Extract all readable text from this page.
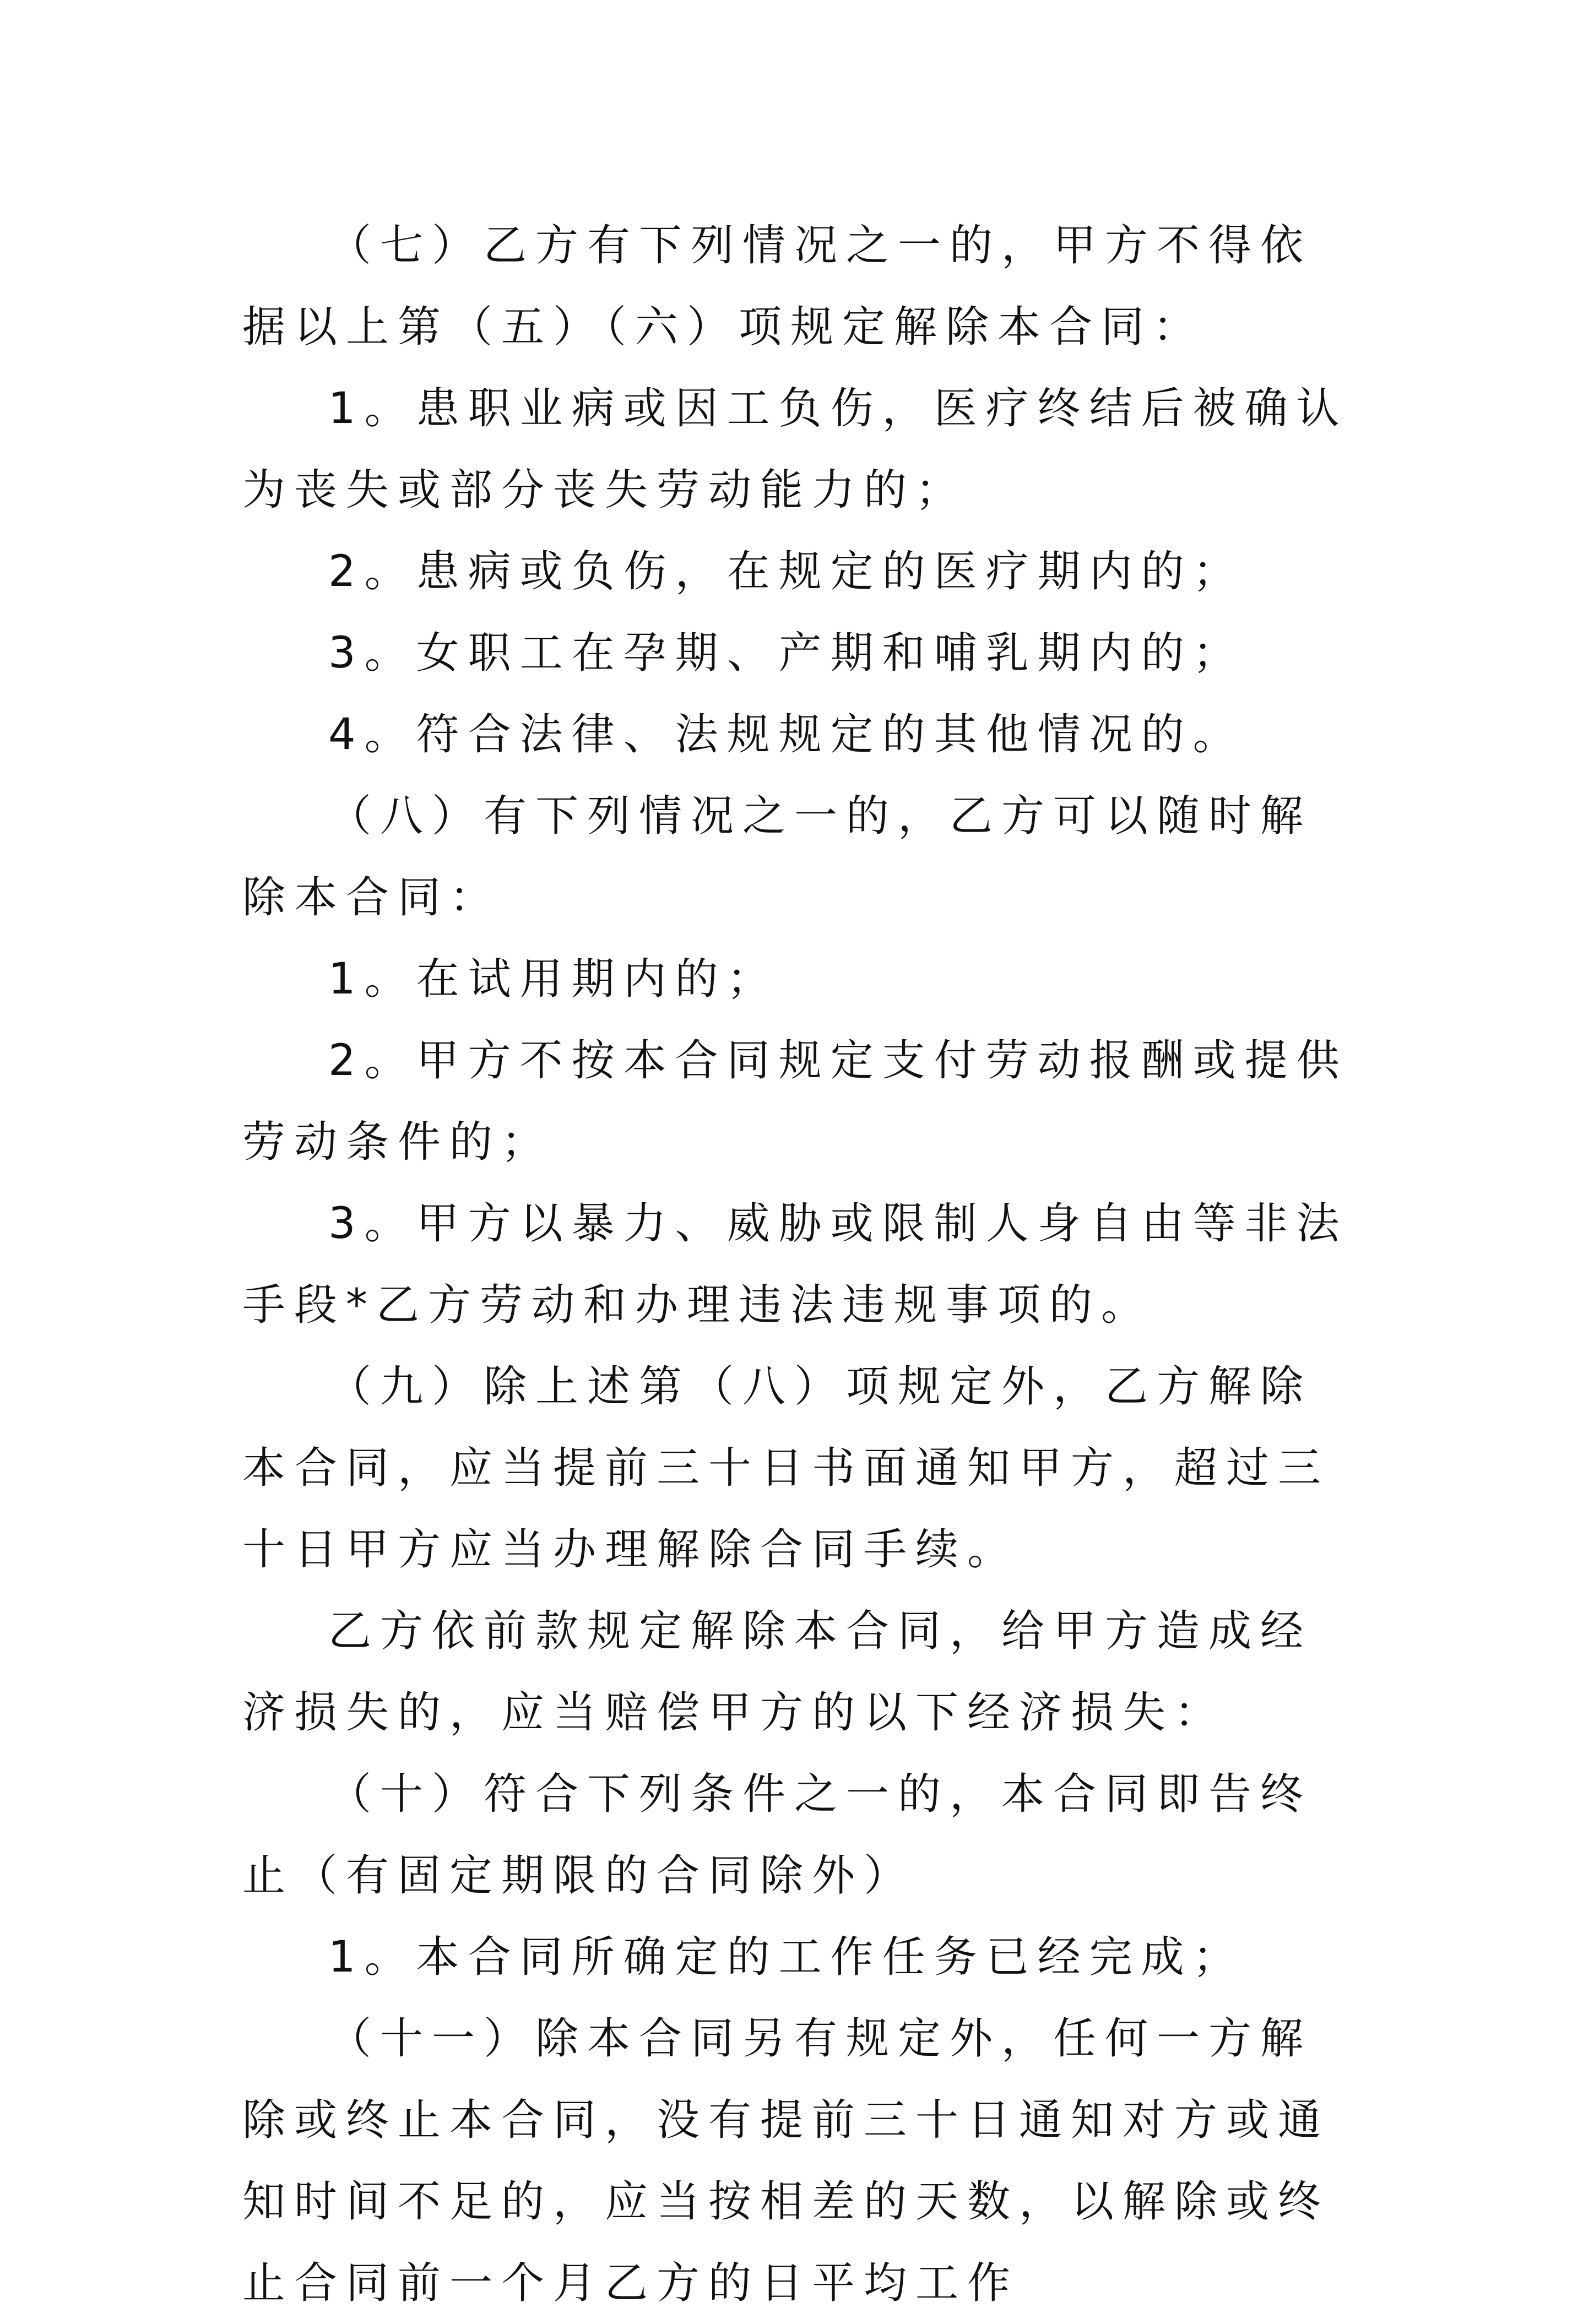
（七）乙方有下列情况之一的，甲方不得依据以上第（五）（六）项规定解除本合同：

1。患职业病或因工负伤，医疗终结后被确认为丧失或部分丧失劳动能力的；

2。患病或负伤，在规定的医疗期内的；

3。女职工在孕期、产期和哺乳期内的；

4。符合法律、法规规定的其他情况的。

（八）有下列情况之一的，乙方可以随时解除本合同：

1。在试用期内的；

2。甲方不按本合同规定支付劳动报酬或提供劳动条件的；

3。甲方以暴力、威胁或限制人身自由等非法手段*乙方劳动和办理违法违规事项的。

（九）除上述第（八）项规定外，乙方解除本合同，应当提前三十日书面通知甲方，超过三十日甲方应当办理解除合同手续。

乙方依前款规定解除本合同，给甲方造成经济损失的，应当赔偿甲方的以下经济损失：

（十）符合下列条件之一的，本合同即告终止（有固定期限的合同除外）

1。本合同所确定的工作任务已经完成；

（十一）除本合同另有规定外，任何一方解除或终止本合同，没有提前三十日通知对方或通知时间不足的，应当按相差的天数，以解除或终止合同前一个月乙方的日平均工作
